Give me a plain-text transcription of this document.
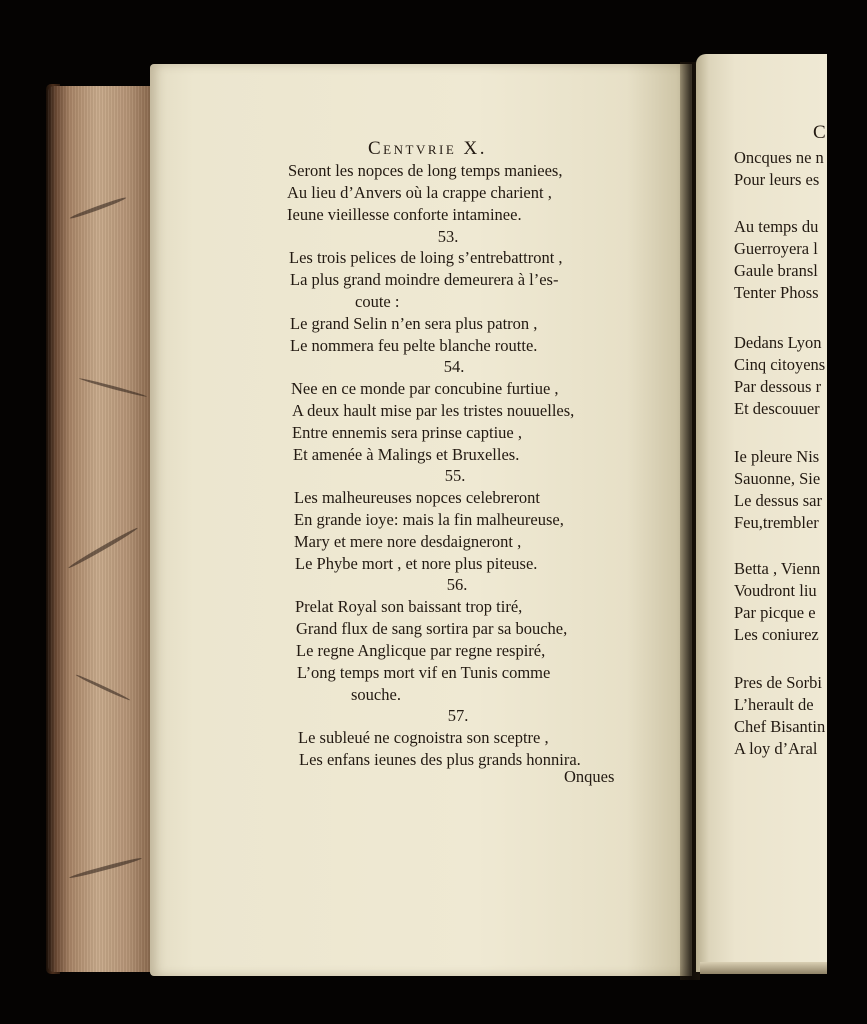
Centvrie X.
Seront les nopces de long temps maniees,
Au lieu d’Anvers où la crappe charient ,
Ieune vieillesse conforte intaminee.
53.
Les trois pelices de loing s’entrebattront ,
La plus grand moindre demeurera à l’es-
coute :
Le grand Selin n’en sera plus patron ,
Le nommera feu pelte blanche routte.
54.
Nee en ce monde par concubine furtiue ,
A deux hault mise par les tristes nouuelles,
Entre ennemis sera prinse captiue ,
Et amenée à Malings et Bruxelles.
55.
Les malheureuses nopces celebreront
En grande ioye: mais la fin malheureuse,
Mary et mere nore desdaigneront ,
Le Phybe mort , et nore plus piteuse.
56.
Prelat Royal son baissant trop tiré,
Grand flux de sang sortira par sa bouche,
Le regne Anglicque par regne respiré,
L’ong temps mort vif en Tunis comme
souche.
57.
Le subleué ne cognoistra son sceptre ,
Les enfans ieunes des plus grands honnira.
Onques
C
Oncques ne n
Pour leurs es
Au temps du
Guerroyera l
Gaule bransl
Tenter Phoss
Dedans Lyon
Cinq citoyens
Par dessous r
Et descouuer
Ie pleure Nis
Sauonne, Sie
Le dessus sar
Feu,trembler
Betta , Vienn
Voudront liu
Par picque e
Les coniurez
Pres de Sorbi
L’herault de
Chef Bisantin
A loy d’Aral
